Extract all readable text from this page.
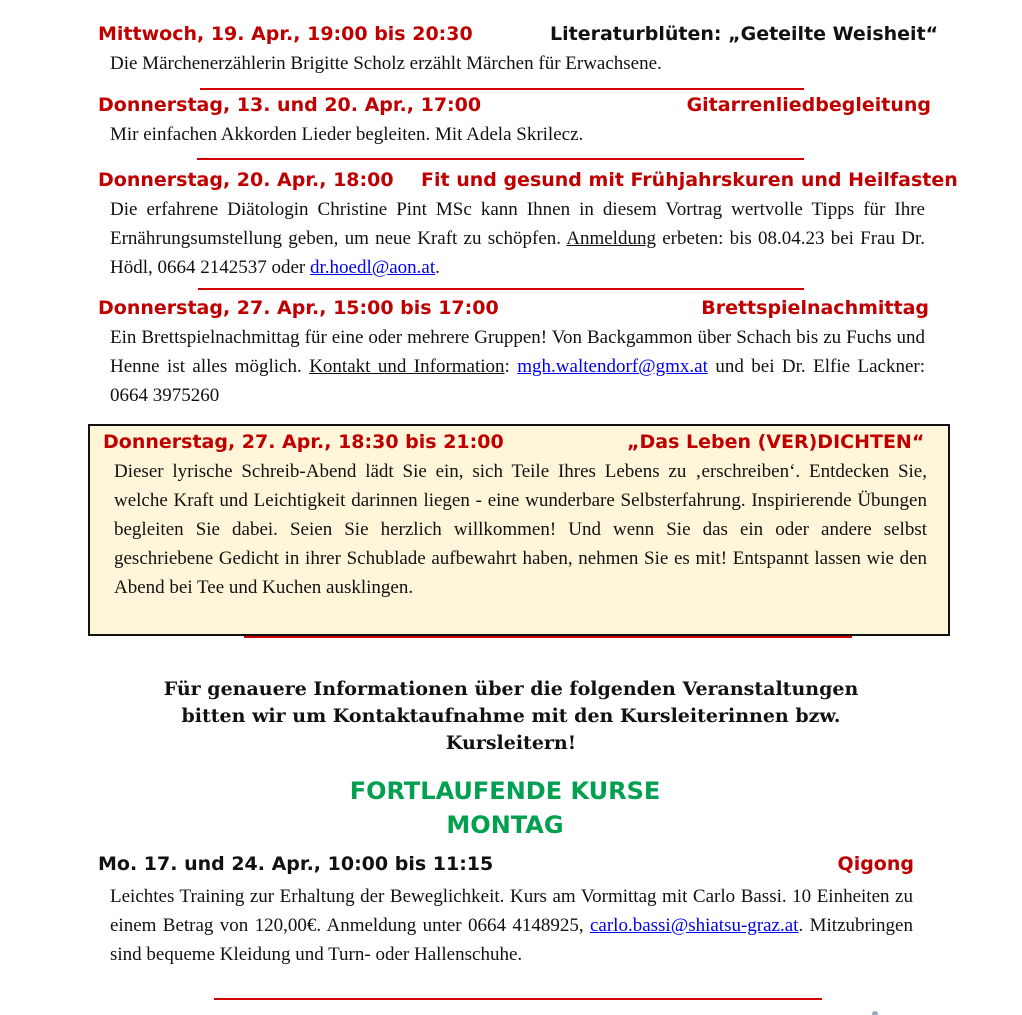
Mittwoch, 19. Apr., 19:00 bis 20:30	Literaturblüten: „Geteilte Weisheit“
Die Märchenerzählerin Brigitte Scholz erzählt Märchen für Erwachsene.
Donnerstag, 13. und 20. Apr., 17:00	Gitarrenliedbegleitung
Mir einfachen Akkorden Lieder begleiten. Mit Adela Skrilecz.
Donnerstag, 20. Apr., 18:00 Fit und gesund mit Frühjahrskuren und Heilfasten
Die erfahrene Diätologin Christine Pint MSc kann Ihnen in diesem Vortrag wertvolle Tipps für Ihre Ernährungsumstellung geben, um neue Kraft zu schöpfen. Anmeldung erbeten: bis 08.04.23 bei Frau Dr. Hödl, 0664 2142537 oder dr.hoedl@aon.at.
Donnerstag, 27. Apr., 15:00 bis 17:00	Brettspielnachmittag
Ein Brettspielnachmittag für eine oder mehrere Gruppen! Von Backgammon über Schach bis zu Fuchs und Henne ist alles möglich. Kontakt und Information: mgh.waltendorf@gmx.at und bei Dr. Elfie Lackner: 0664 3975260
Donnerstag, 27. Apr., 18:30 bis 21:00	„Das Leben (VER)DICHTEN“
Dieser lyrische Schreib-Abend lädt Sie ein, sich Teile Ihres Lebens zu ‚erschreiben‘. Entdecken Sie, welche Kraft und Leichtigkeit darinnen liegen - eine wunderbare Selbsterfahrung. Inspirierende Übungen begleiten Sie dabei. Seien Sie herzlich willkommen! Und wenn Sie das ein oder andere selbst geschriebene Gedicht in ihrer Schublade aufbewahrt haben, nehmen Sie es mit! Entspannt lassen wie den Abend bei Tee und Kuchen ausklingen.
Für genauere Informationen über die folgenden Veranstaltungen
bitten wir um Kontaktaufnahme mit den Kursleiterinnen bzw.
Kursleitern!
FORTLAUFENDE KURSE
MONTAG
Mo. 17. und 24. Apr., 10:00 bis 11:15	Qigong
Leichtes Training zur Erhaltung der Beweglichkeit. Kurs am Vormittag mit Carlo Bassi. 10 Einheiten zu einem Betrag von 120,00€. Anmeldung unter 0664 4148925, carlo.bassi@shiatsu-graz.at. Mitzubringen sind bequeme Kleidung und Turn- oder Hallenschuhe.
